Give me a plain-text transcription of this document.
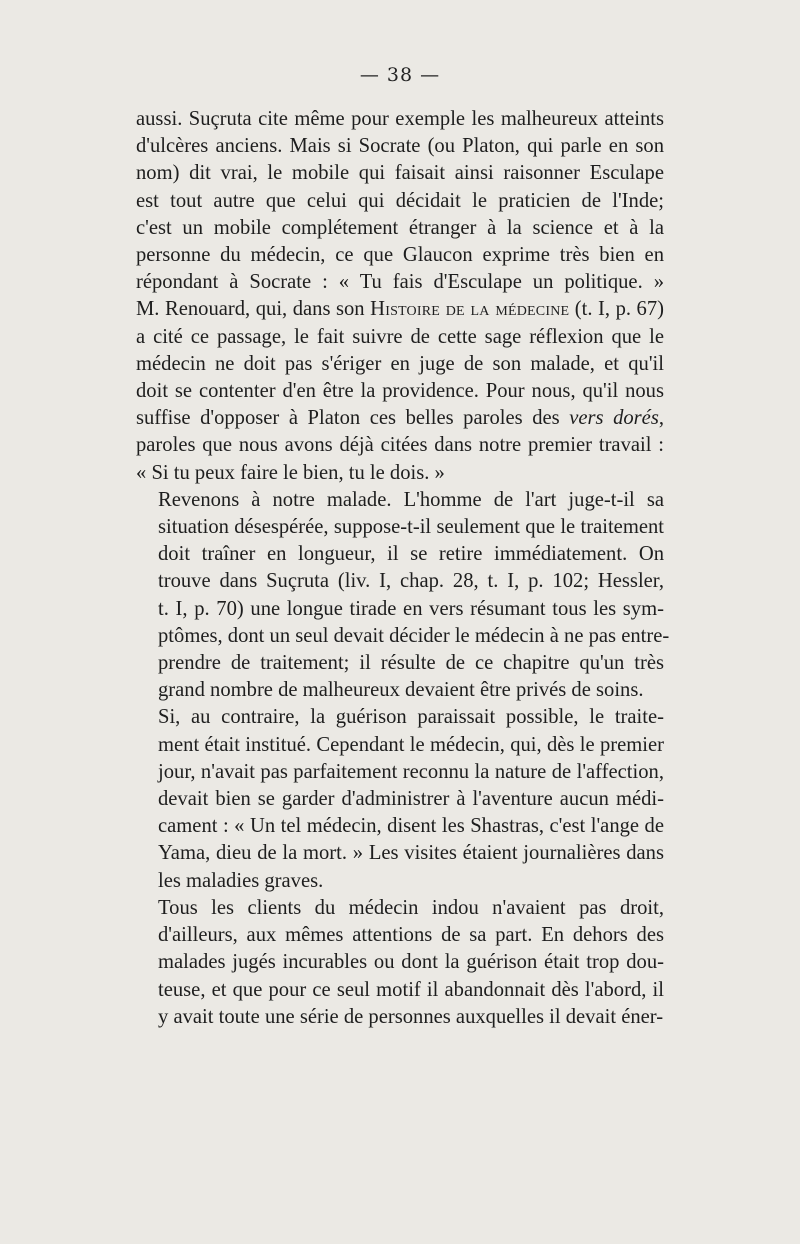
— 38 —

aussi. Suçruta cite même pour exemple les malheureux atteints
d'ulcères anciens. Mais si Socrate (ou Platon, qui parle en son
nom) dit vrai, le mobile qui faisait ainsi raisonner Esculape
est tout autre que celui qui décidait le praticien de l'Inde;
c'est un mobile complétement étranger à la science et à la
personne du médecin, ce que Glaucon exprime très bien en
répondant à Socrate : « Tu fais d'Esculape un politique. »
M. Renouard, qui, dans son Histoire de la médecine (t. I, p. 67)
a cité ce passage, le fait suivre de cette sage réflexion que le
médecin ne doit pas s'ériger en juge de son malade, et qu'il
doit se contenter d'en être la providence. Pour nous, qu'il nous
suffise d'opposer à Platon ces belles paroles des vers dorés,
paroles que nous avons déjà citées dans notre premier travail :
« Si tu peux faire le bien, tu le dois. »

Revenons à notre malade. L'homme de l'art juge-t-il sa
situation désespérée, suppose-t-il seulement que le traitement
doit traîner en longueur, il se retire immédiatement. On
trouve dans Suçruta (liv. I, chap. 28, t. I, p. 102; Hessler,
t. I, p. 70) une longue tirade en vers résumant tous les sym-
ptômes, dont un seul devait décider le médecin à ne pas entre-
prendre de traitement; il résulte de ce chapitre qu'un très
grand nombre de malheureux devaient être privés de soins.

Si, au contraire, la guérison paraissait possible, le traite-
ment était institué. Cependant le médecin, qui, dès le premier
jour, n'avait pas parfaitement reconnu la nature de l'affection,
devait bien se garder d'administrer à l'aventure aucun médi-
cament : « Un tel médecin, disent les Shastras, c'est l'ange de
Yama, dieu de la mort. » Les visites étaient journalières dans
les maladies graves.

Tous les clients du médecin indou n'avaient pas droit,
d'ailleurs, aux mêmes attentions de sa part. En dehors des
malades jugés incurables ou dont la guérison était trop dou-
teuse, et que pour ce seul motif il abandonnait dès l'abord, il
y avait toute une série de personnes auxquelles il devait éner-
